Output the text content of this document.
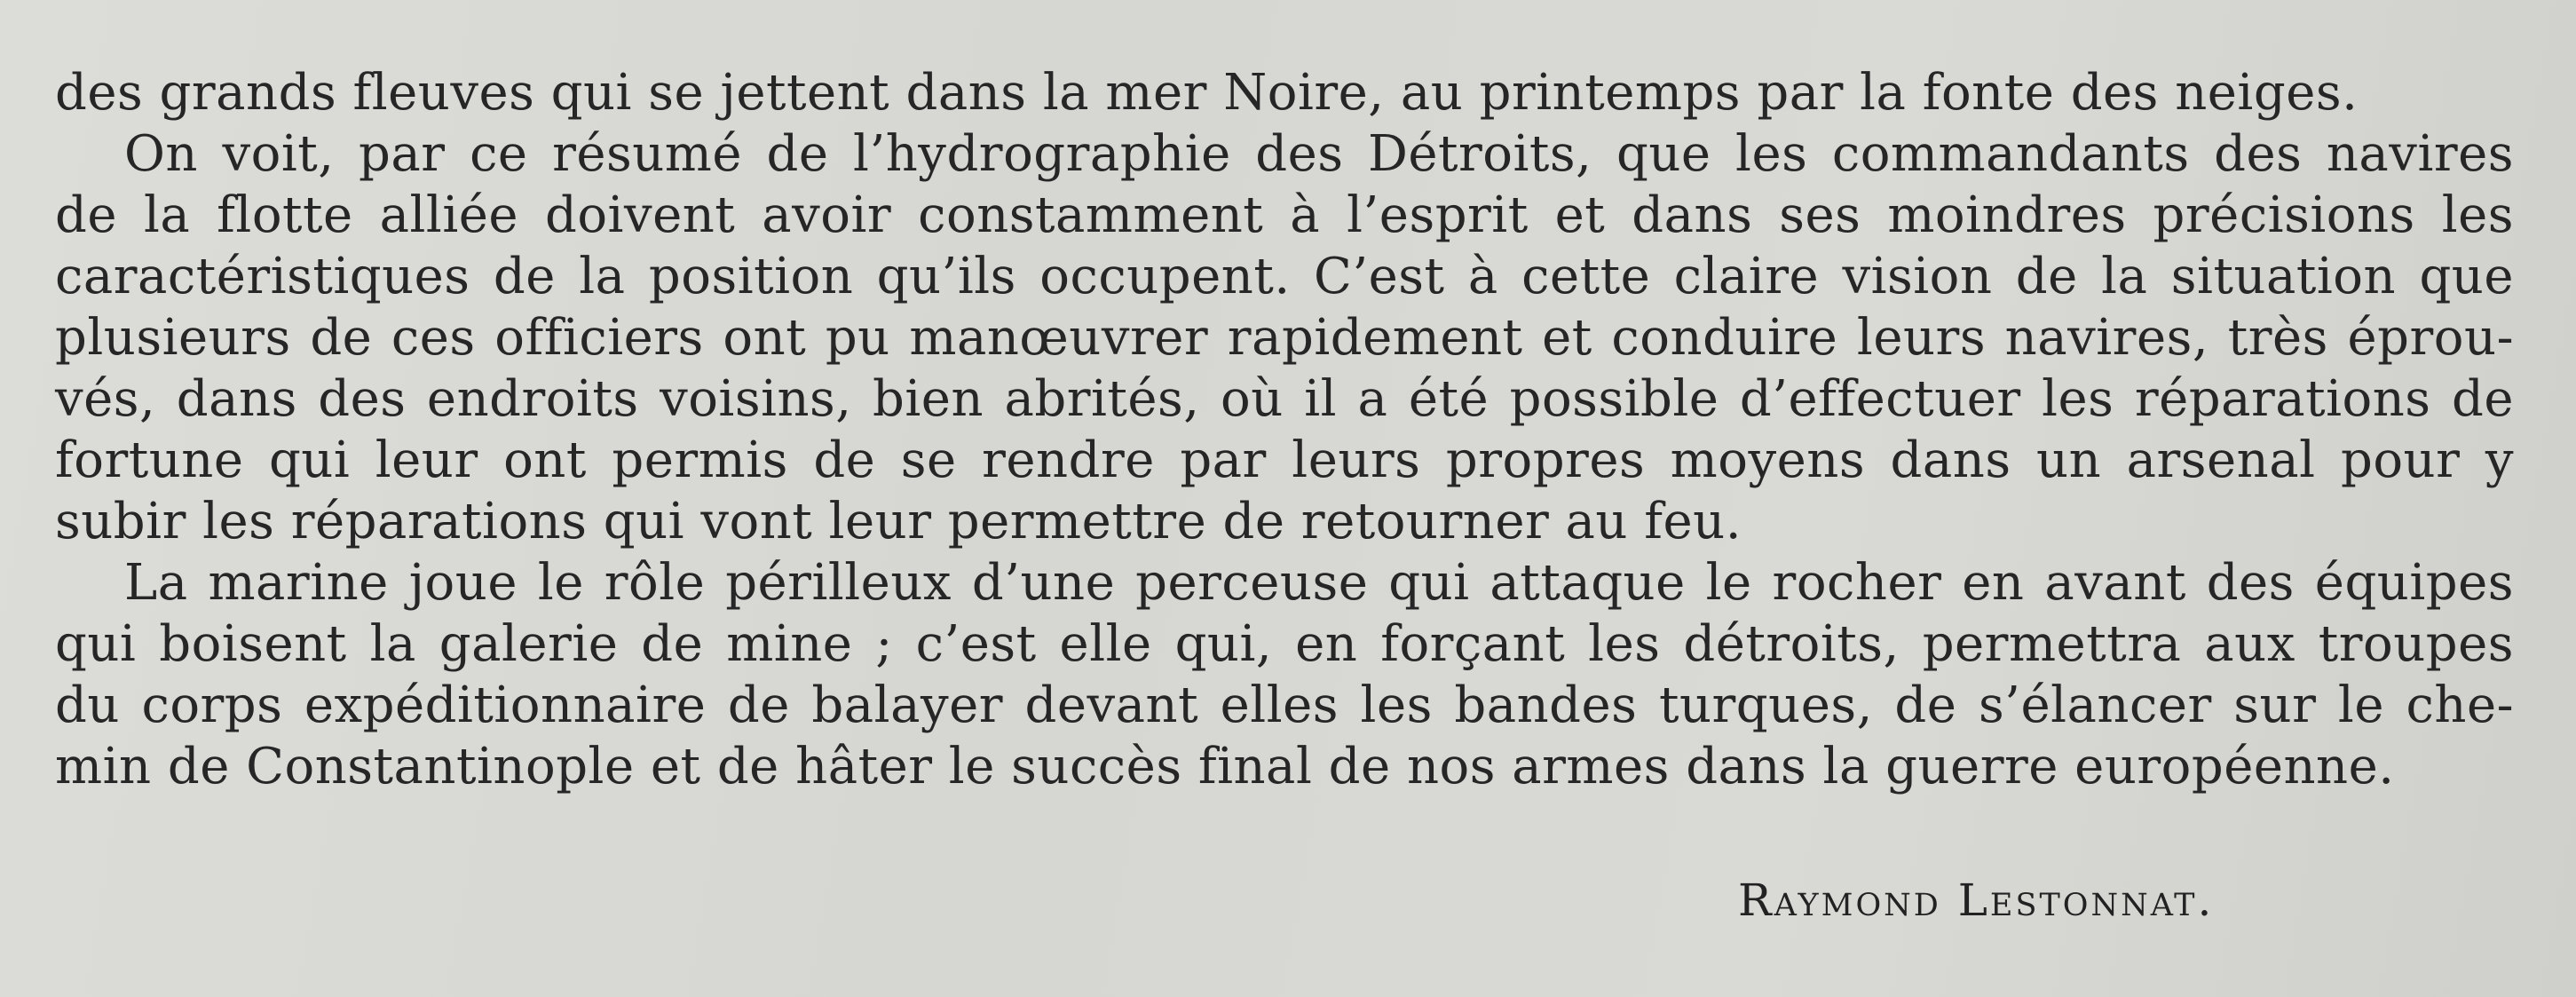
des grands fleuves qui se jettent dans la mer Noire, au printemps par la fonte des neiges.
On voit, par ce résumé de l’hydrographie des Détroits, que les commandants des navires
de la flotte alliée doivent avoir constamment à l’esprit et dans ses moindres précisions les
caractéristiques de la position qu’ils occupent. C’est à cette claire vision de la situation que
plusieurs de ces officiers ont pu manœuvrer rapidement et conduire leurs navires, très éprou-
vés, dans des endroits voisins, bien abrités, où il a été possible d’effectuer les réparations de
fortune qui leur ont permis de se rendre par leurs propres moyens dans un arsenal pour y
subir les réparations qui vont leur permettre de retourner au feu.
La marine joue le rôle périlleux d’une perceuse qui attaque le rocher en avant des équipes
qui boisent la galerie de mine ; c’est elle qui, en forçant les détroits, permettra aux troupes
du corps expéditionnaire de balayer devant elles les bandes turques, de s’élancer sur le che-
min de Constantinople et de hâter le succès final de nos armes dans la guerre européenne.
Raymond Lestonnat.
